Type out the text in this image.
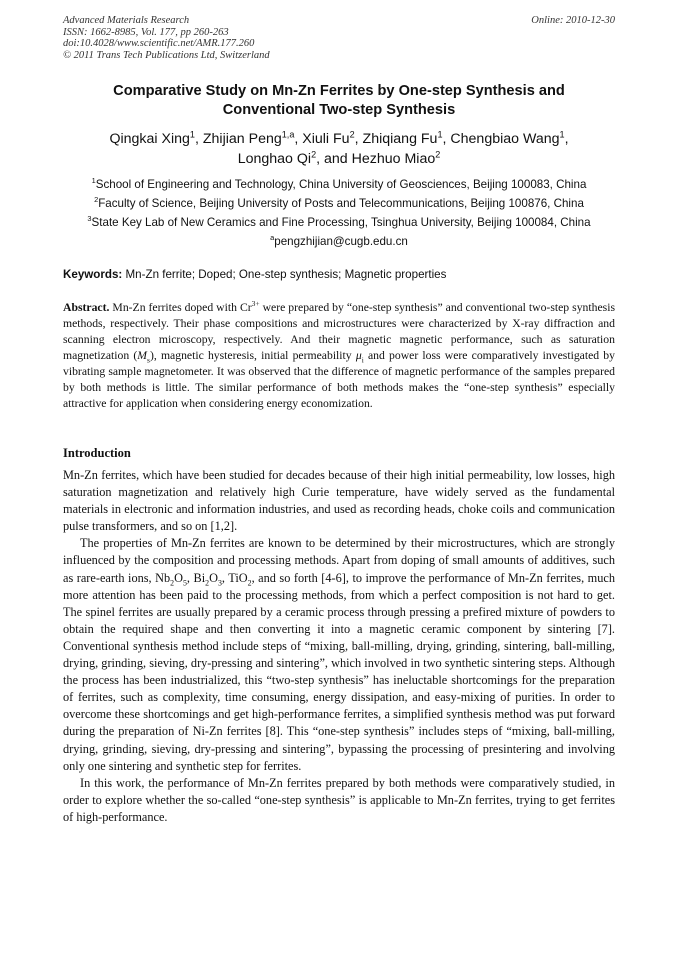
Advanced Materials Research
ISSN: 1662-8985, Vol. 177, pp 260-263
doi:10.4028/www.scientific.net/AMR.177.260
© 2011 Trans Tech Publications Ltd, Switzerland
Online: 2010-12-30
Comparative Study on Mn-Zn Ferrites by One-step Synthesis and
Conventional Two-step Synthesis
Qingkai Xing$^1$, Zhijian Peng$^{1,a}$, Xiuli Fu$^2$, Zhiqiang Fu$^1$, Chengbiao Wang$^1$,
Longhao Qi$^2$, and Hezhuo Miao$^2$
$^1$School of Engineering and Technology, China University of Geosciences, Beijing 100083, China
$^2$Faculty of Science, Beijing University of Posts and Telecommunications, Beijing 100876, China
$^3$State Key Lab of New Ceramics and Fine Processing, Tsinghua University, Beijing 100084, China
$^a$pengzhijian@cugb.edu.cn
Keywords: Mn-Zn ferrite; Doped; One-step synthesis; Magnetic properties
Abstract. Mn-Zn ferrites doped with $Cr^{3+}$ were prepared by “one-step synthesis” and conventional two-step synthesis methods, respectively. Their phase compositions and microstructures were characterized by X-ray diffraction and scanning electron microscopy, respectively. And their magnetic magnetic performance, such as saturation magnetization $(M_s)$, magnetic hysteresis, initial permeability $\mu_i$ and power loss were comparatively investigated by vibrating sample magnetometer. It was observed that the difference of magnetic performance of the samples prepared by both methods is little. The similar performance of both methods makes the “one-step synthesis” especially attractive for application when considering energy economization.
Introduction

Mn-Zn ferrites, which have been studied for decades because of their high initial permeability, low losses, high saturation magnetization and relatively high Curie temperature, have widely served as the fundamental materials in electronic and information industries, and used as recording heads, choke coils and communication pulse transformers, and so on [1,2].

The properties of Mn-Zn ferrites are known to be determined by their microstructures, which are strongly influenced by the composition and processing methods. Apart from doping of small amounts of additives, such as rare-earth ions, $Nb_2O_5$, $Bi_2O_3$, TiO$_2$, and so forth [4-6], to improve the performance of Mn-Zn ferrites, much more attention has been paid to the processing methods, from which a perfect composition is not hard to get. The spinel ferrites are usually prepared by a ceramic process through pressing a prefired mixture of powders to obtain the required shape and then converting it into a magnetic ceramic component by sintering [7]. Conventional synthesis method include steps of “mixing, ball-milling, drying, grinding, sintering, ball-milling, drying, grinding, sieving, dry-pressing and sintering”, which involved in two synthetic sintering steps. Although the process has been industrialized, this “two-step synthesis” has ineluctable shortcomings for the preparation of ferrites, such as complexity, time consuming, energy dissipation, and easy-mixing of purities. In order to overcome these shortcomings and get high-performance ferrites, a simplified synthesis method was put forward during the preparation of Ni-Zn ferrites [8]. This “one-step synthesis” includes steps of “mixing, ball-milling, drying, grinding, sieving, dry-pressing and sintering”, bypassing the processing of presintering and involving only one sintering and synthetic step for ferrites.

In this work, the performance of Mn-Zn ferrites prepared by both methods were comparatively studied, in order to explore whether the so-called “one-step synthesis” is applicable to Mn-Zn ferrites, trying to get ferrites of high-performance.
